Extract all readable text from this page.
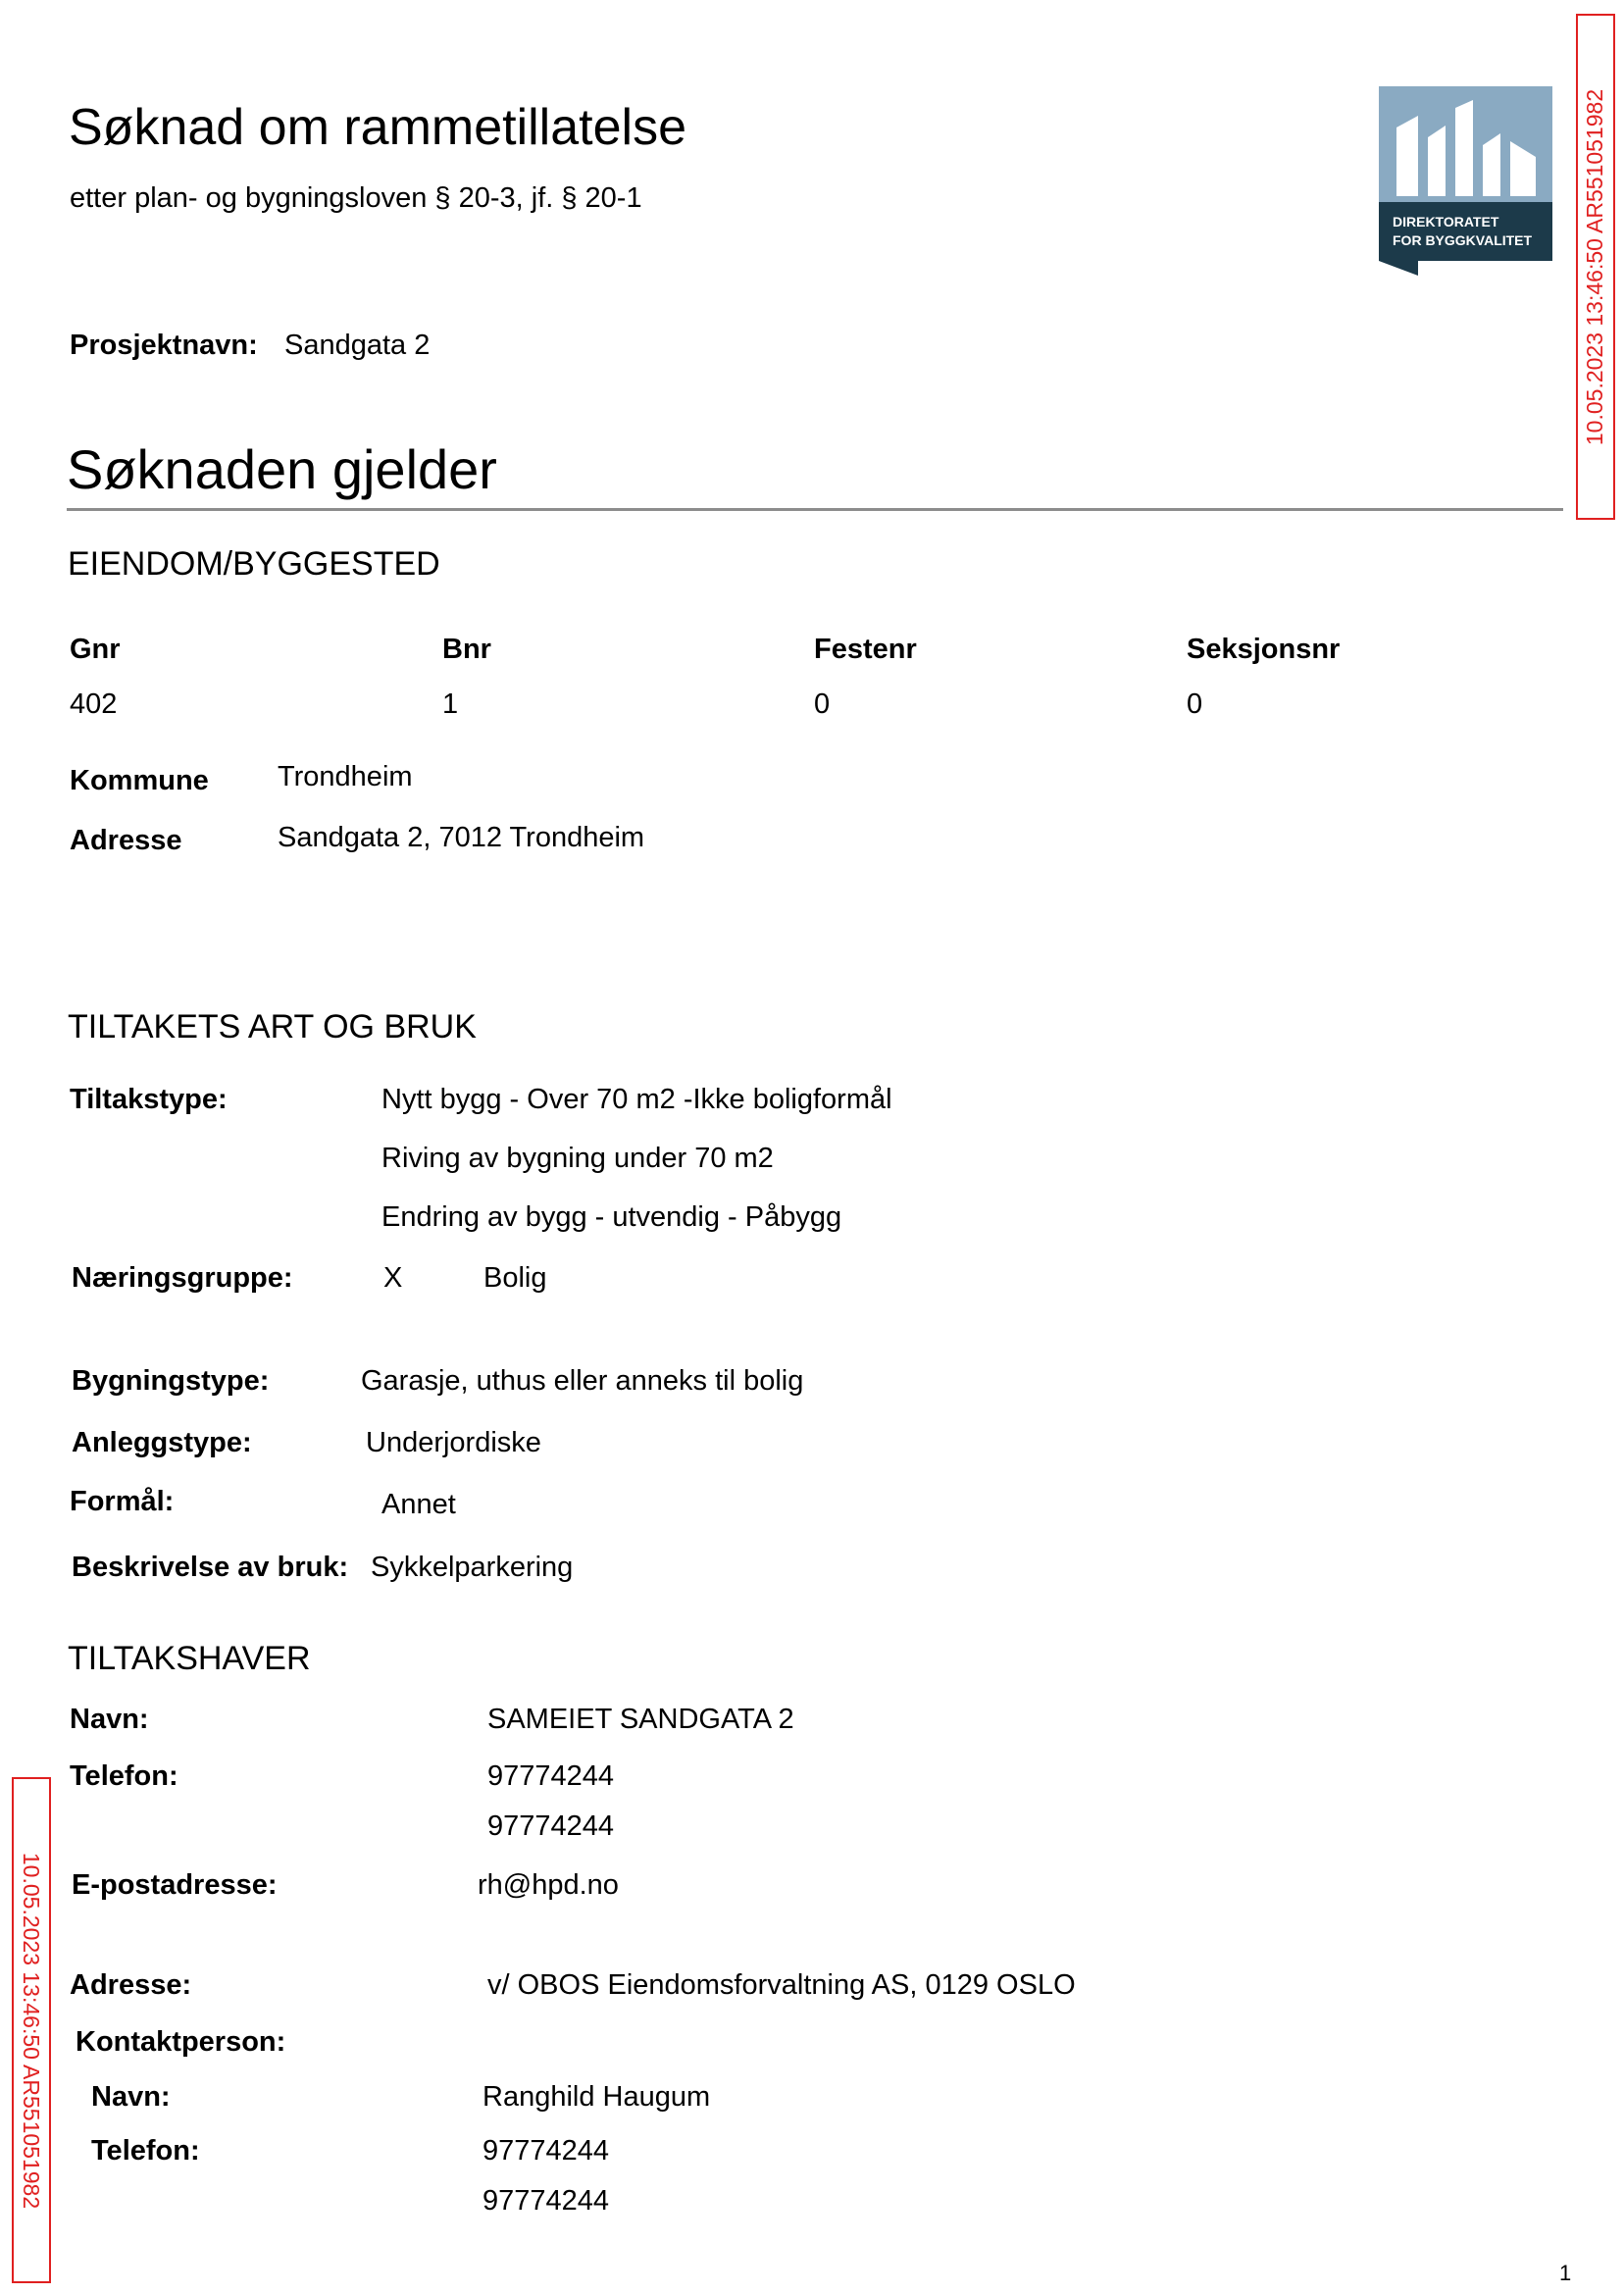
Søknad om rammetillatelse
etter plan- og bygningsloven § 20-3, jf. § 20-1
DIREKTORATET
FOR BYGGKVALITET
Prosjektnavn: Sandgata 2
Søknaden gjelder
EIENDOM/BYGGESTED
Gnr	Bnr	Festenr	Seksjonsnr
402	1	0	0
Kommune Trondheim
Adresse	Sandgata 2, 7012 Trondheim
TILTAKETS ART OG BRUK
Tiltakstype:	Nytt bygg - Over 70 m2 -Ikke boligformål
Riving av bygning under 70 m2
Endring av bygg - utvendig - Påbygg
Næringsgruppe:	X	Bolig
Bygningstype:	Garasje, uthus eller anneks til bolig
Anleggstype:	Underjordiske
Formål:	Annet
Beskrivelse av bruk: Sykkelparkering
TILTAKSHAVER
Navn:	SAMEIET SANDGATA 2
Telefon:	97774244
97774244
E-postadresse:	rh@hpd.no
Adresse:	v/ OBOS Eiendomsforvaltning AS, 0129 OSLO
Kontaktperson:
Navn:	Ranghild Haugum
Telefon:	97774244
97774244
10.05.2023 13:46:50 AR551051982
10.05.2023 13:46:50 AR551051982
1
